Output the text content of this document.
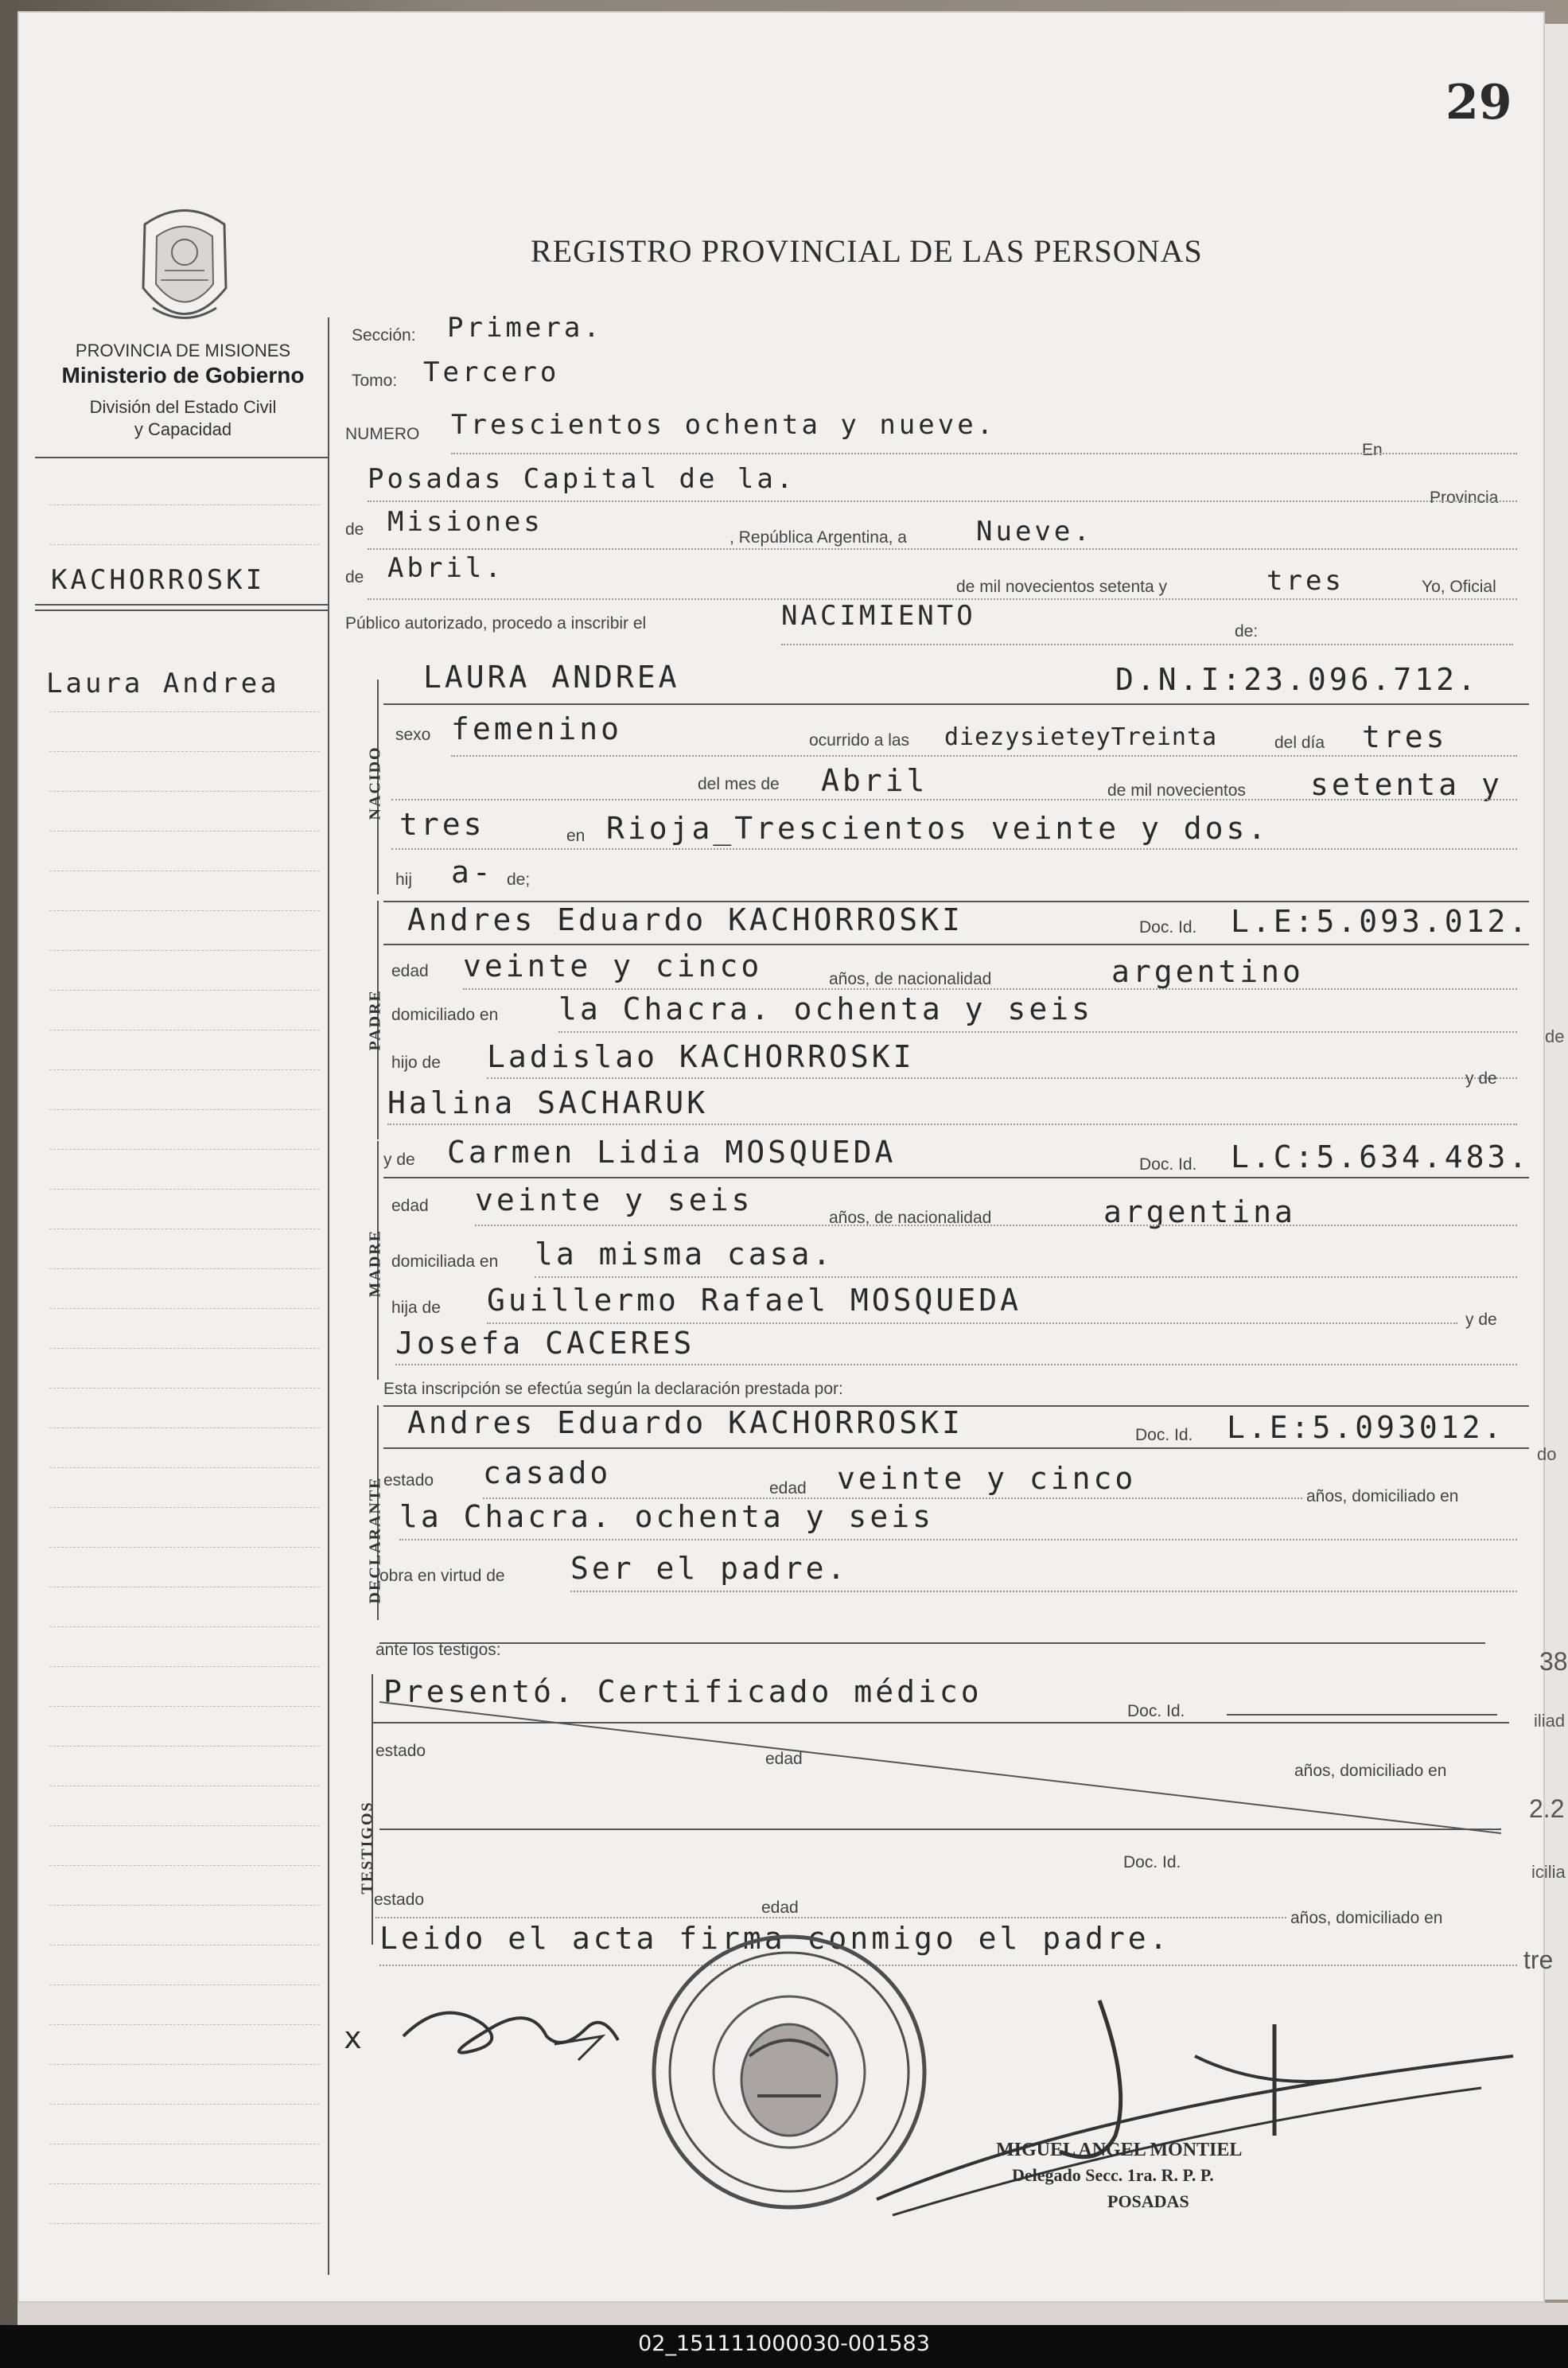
29
REGISTRO PROVINCIAL DE LAS PERSONAS
PROVINCIA DE MISIONES
Ministerio de Gobierno
División del Estado Civil
y Capacidad
KACHORROSKI
Laura Andrea
Sección: Primera.
Tomo: Tercero
NUMERO Trescientos ochenta y nueve.
En
Posadas Capital de la.
Provincia
de Misiones	, República Argentina, a	Nueve.
de Abril.
de mil novecientos setenta y	tres	Yo, Oficial
Público autorizado, procedo a inscribir el	NACIMIENTO	de:
LAURA ANDREA	D.N.I:23.096.712.
NACIDO
sexo femenino	ocurrido a las diezysieteyTreinta	del día tres
del mes de Abril	de mil novecientos setenta y
tres	en Rioja_Trescientos veinte y dos.
hij a- de;
PADRE
Andres Eduardo KACHORROSKI	Doc. Id. L.E:5.093.012.
edad veinte y cinco	años, de nacionalidad	argentino
domiciliado en la Chacra. ochenta y seis
hijo de Ladislao KACHORROSKI
Halina SACHARUK
y de
y de Carmen Lidia MOSQUEDA	Doc. Id. L.C:5.634.483.
MADRE
edad veinte y seis
años, de nacionalidad	argentina
domiciliada en la misma casa.
hija de Guillermo Rafael MOSQUEDA
y de
Josefa CACERES
Esta inscripción se efectúa según la declaración prestada por:
DECLARANTE
Andres Eduardo KACHORROSKI	Doc. Id. L.E:5.093012.
estado casado	edad veinte y cinco
años, domiciliado en
la Chacra. ochenta y seis
obra en virtud de Ser el padre.
ante los testigos:
TESTIGOS
Presentó. Certificado médico
Doc. Id.
estado	edad
años, domiciliado en
Doc. Id.
estado	edad
años, domiciliado en
Leido el acta firma conmigo el padre.
x
MIGUEL ANGEL MONTIEL
Delegado Secc. 1ra. R. P. P.
POSADAS
de
do
38
iliad
2.2
icilia
tre
02_151111000030-001583
